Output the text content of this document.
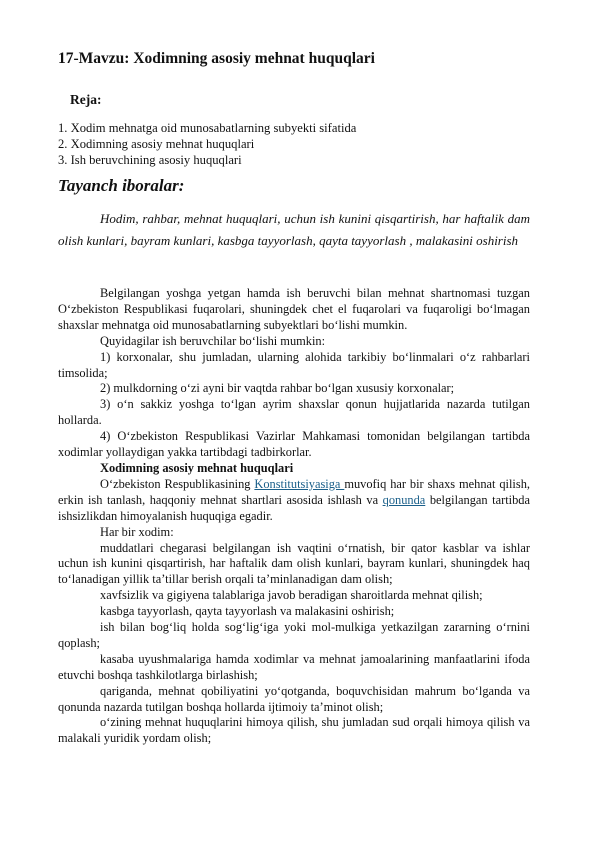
17-Mavzu: Xodimning asosiy mehnat huquqlari
Reja:
1. Xodim mehnatga oid munosabatlarning subyekti sifatida
2. Xodimning asosiy mehnat huquqlari
3. Ish beruvchining asosiy huquqlari
Tayanch iboralar:

Hodim, rahbar, mehnat huquqlari, uchun ish kunini qisqartirish, har haftalik dam olish kunlari, bayram kunlari, kasbga tayyorlash, qayta tayyorlash , malakasini oshirish

Belgilangan yoshga yetgan hamda ish beruvchi bilan mehnat shartnomasi tuzgan O‘zbekiston Respublikasi fuqarolari, shuningdek chet el fuqarolari va fuqaroligi bo‘lmagan shaxslar mehnatga oid munosabatlarning subyektlari bo‘lishi mumkin.

Quyidagilar ish beruvchilar bo‘lishi mumkin:

1) korxonalar, shu jumladan, ularning alohida tarkibiy bo‘linmalari o‘z rahbarlari timsolida;

2) mulkdorning o‘zi ayni bir vaqtda rahbar bo‘lgan xususiy korxonalar;

3) o‘n sakkiz yoshga to‘lgan ayrim shaxslar qonun hujjatlarida nazarda tutilgan hollarda.

4) O‘zbekiston Respublikasi Vazirlar Mahkamasi tomonidan belgilangan tartibda xodimlar yollaydigan yakka tartibdagi tadbirkorlar.

Xodimning asosiy mehnat huquqlari

O‘zbekiston Respublikasining Konstitutsiyasiga muvofiq har bir shaxs mehnat qilish, erkin ish tanlash, haqqoniy mehnat shartlari asosida ishlash va qonunda belgilangan tartibda ishsizlikdan himoyalanish huquqiga egadir.

Har bir xodim:

muddatlari chegarasi belgilangan ish vaqtini o‘rnatish, bir qator kasblar va ishlar uchun ish kunini qisqartirish, har haftalik dam olish kunlari, bayram kunlari, shuningdek haq to‘lanadigan yillik ta’tillar berish orqali ta’minlanadigan dam olish;

xavfsizlik va gigiyena talablariga javob beradigan sharoitlarda mehnat qilish;

kasbga tayyorlash, qayta tayyorlash va malakasini oshirish;

ish bilan bog‘liq holda sog‘lig‘iga yoki mol-mulkiga yetkazilgan zararning o‘rnini qoplash;

kasaba uyushmalariga hamda xodimlar va mehnat jamoalarining manfaatlarini ifoda etuvchi boshqa tashkilotlarga birlashish;

qariganda, mehnat qobiliyatini yo‘qotganda, boquvchisidan mahrum bo‘lganda va qonunda nazarda tutilgan boshqa hollarda ijtimoiy ta’minot olish;

o‘zining mehnat huquqlarini himoya qilish, shu jumladan sud orqali himoya qilish va malakali yuridik yordam olish;
